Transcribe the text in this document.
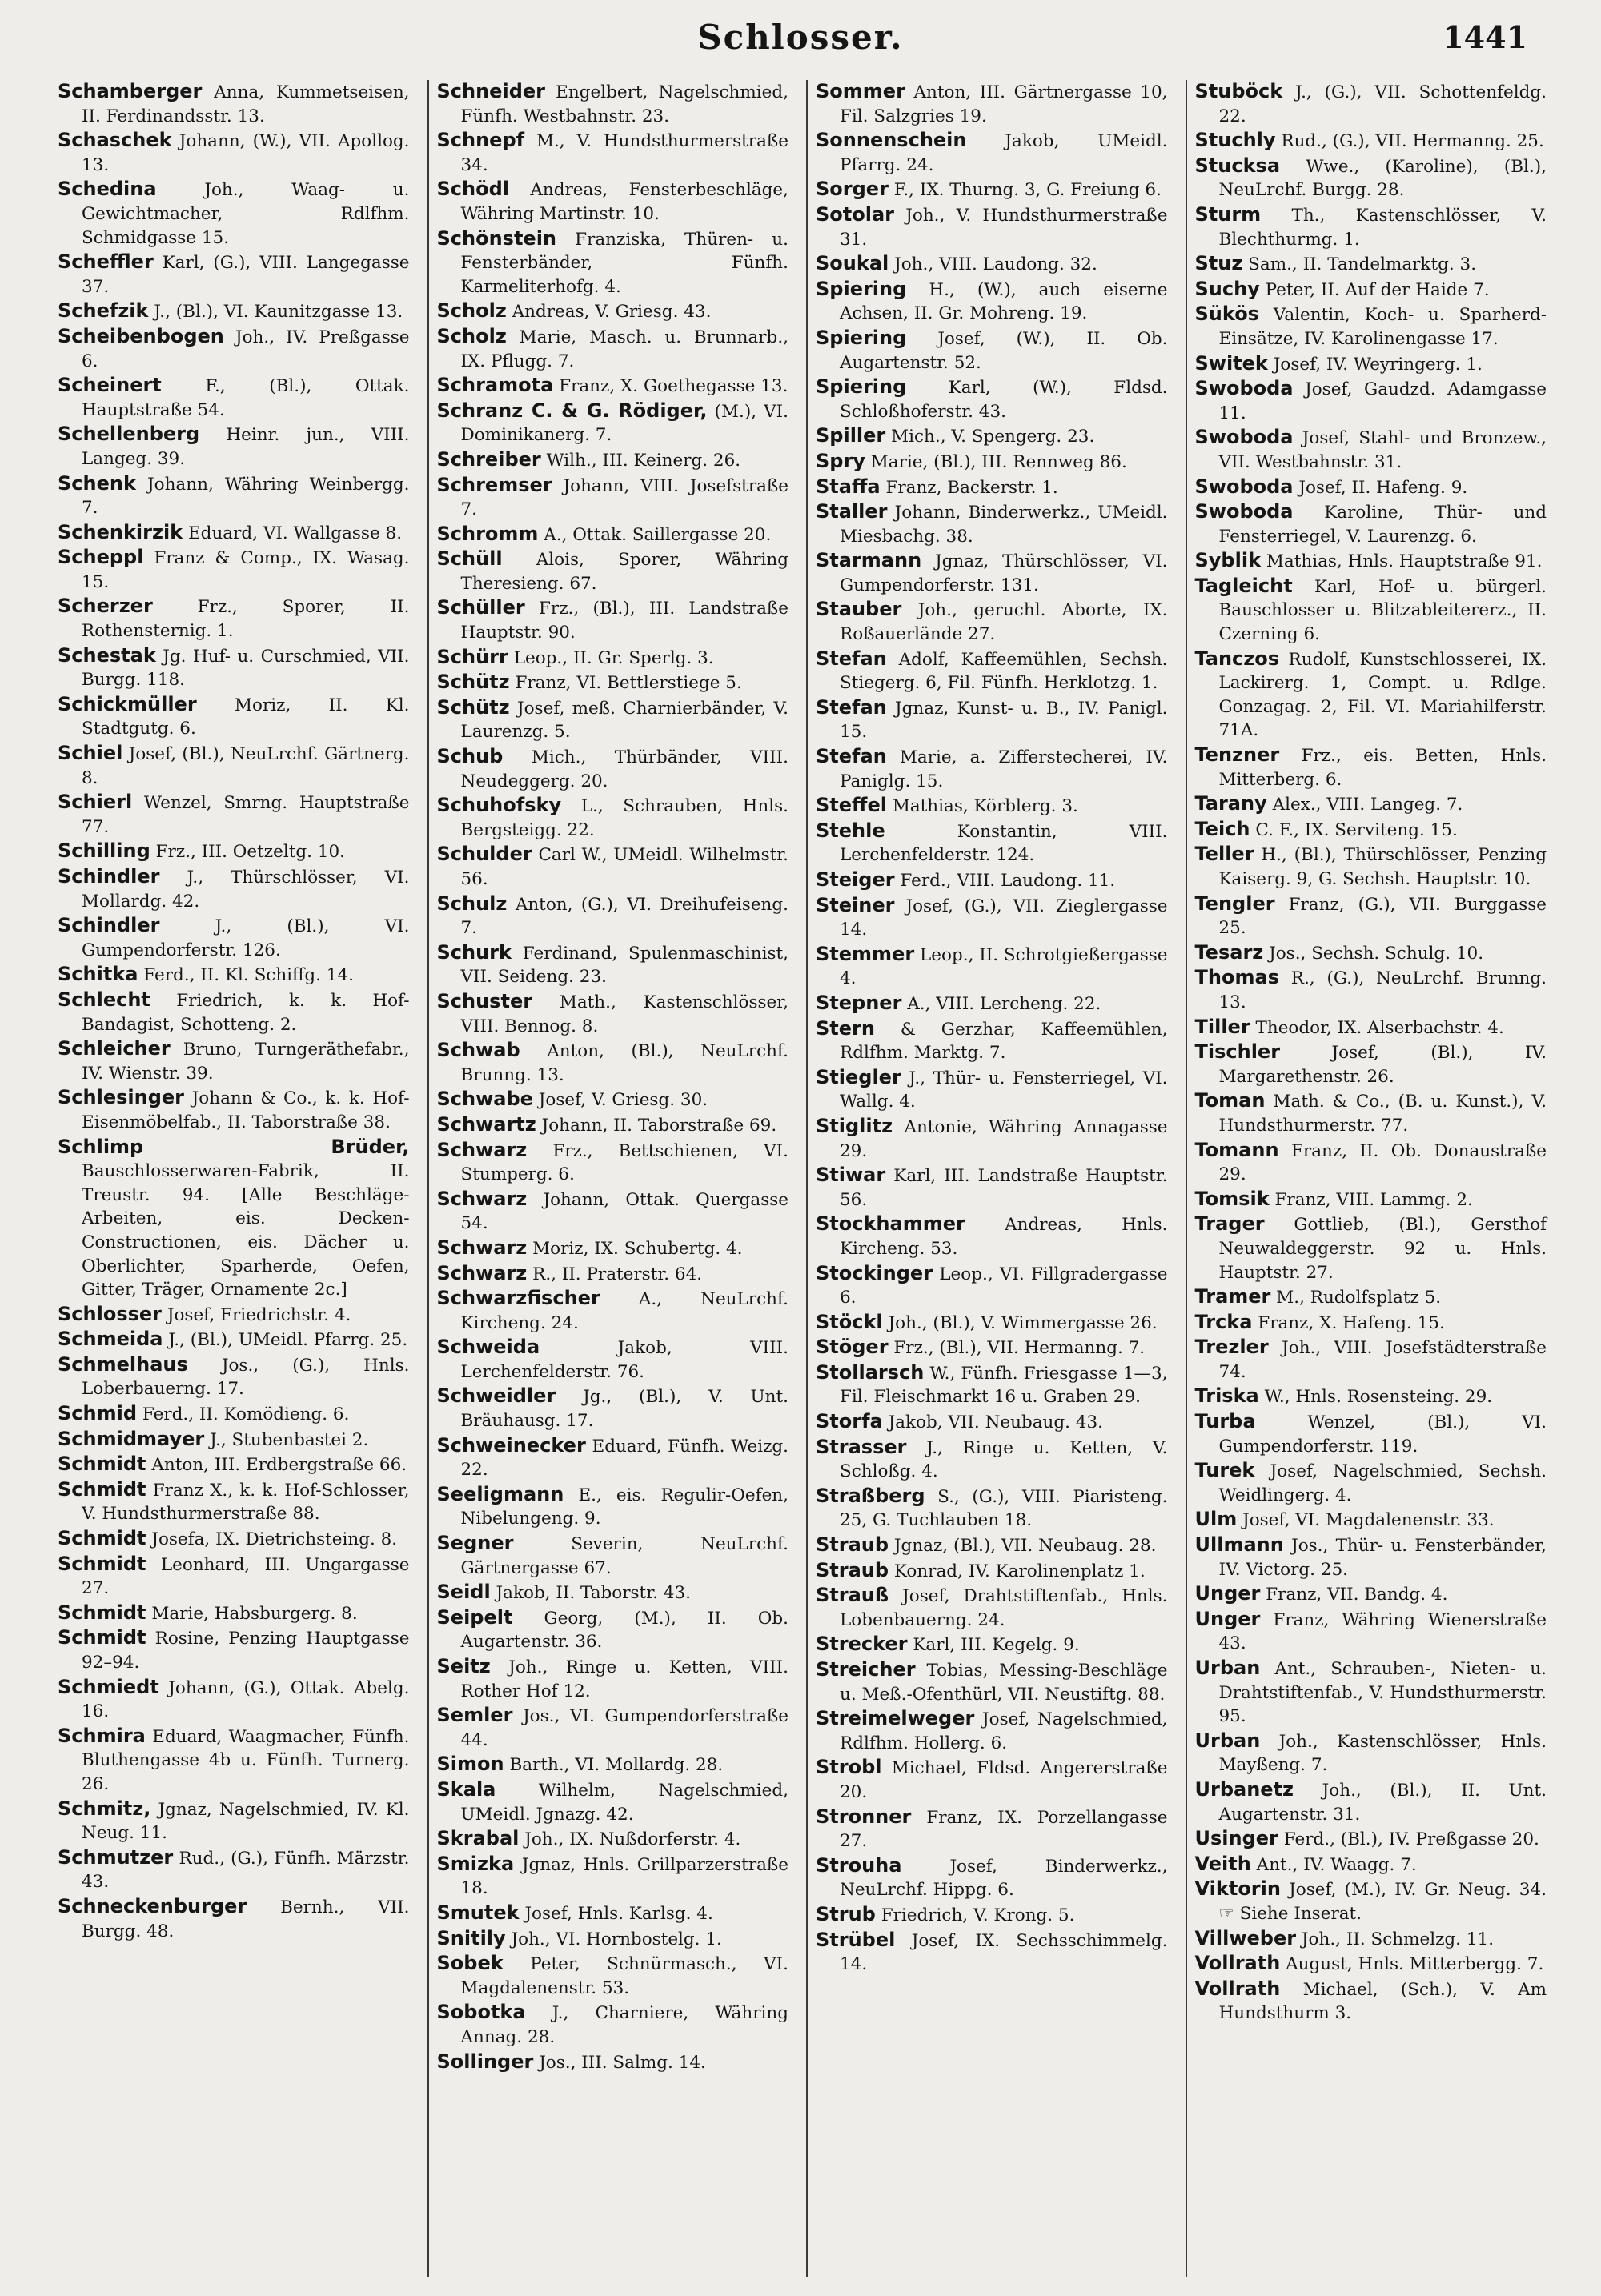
Schlosser.	1441
Schamberger Anna, Kummetseisen, II. Ferdinandsstr. 13.
Schaschek Johann, (W.), VII. Apollog. 13.
Schedina	Joh., Waag- u. Gewichtmacher, Rdlfhm. Schmidgasse 15.
Scheffler Karl, (G.), VIII. Langegasse 37.
Schefzik J., (Bl.), VI. Kaunitzgasse 13.
Scheibenbogen Joh., IV. Preßgasse 6.
Scheinert	F., (Bl.), Ottak. Hauptstraße 54.
Schellenberg Heinr. jun., VIII. Langeg. 39.
Schenk Johann, Währing Weinbergg. 7.
Schenkirzik Eduard, VI. Wallgasse 8.
Scheppl Franz & Comp., IX. Wasag. 15.
Scherzer	Frz., Sporer, II. Rothensternig. 1.
Schestak Jg. Huf- u. Curschmied, VII. Burgg. 118.
Schickmüller Moriz, II. Kl. Stadtgutg. 6.
Schiel Josef, (Bl.), NeuLrchf. Gärtnerg. 8.
Schierl Wenzel, Smrng. Hauptstraße 77.
Schilling Frz., III. Oetzeltg. 10.
Schindler J., Thürschlösser, VI. Mollardg. 42.
Schindler	J., (Bl.), VI. Gumpendorferstr. 126.
Schitka Ferd., II. Kl. Schiffg. 14.
Schlecht Friedrich, k. k. Hof-Bandagist, Schotteng. 2.
Schleicher Bruno, Turngeräthefabr., IV. Wienstr. 39.
Schlesinger Johann & Co., k. k. Hof-Eisenmöbelfab., II. Taborstraße 38.
Schlimp Brüder, Bauschlosserwaren-Fabrik, II. Treustr. 94. [Alle Beschläge-Arbeiten, eis. Decken-Constructionen, eis. Dächer u. Oberlichter, Sparherde, Oefen, Gitter, Träger, Ornamente 2c.]
Schlosser Josef, Friedrichstr. 4.
Schmeida J., (Bl.), UMeidl. Pfarrg. 25.
Schmelhaus Jos., (G.), Hnls. Loberbauerng. 17.
Schmid Ferd., II. Komödieng. 6.
Schmidmayer J., Stubenbastei 2.
Schmidt Anton, III. Erdbergstraße 66.
Schmidt Franz X., k. k. Hof-Schlosser, V. Hundsthurmerstraße 88.
Schmidt Josefa, IX. Dietrichsteing. 8.
Schmidt Leonhard, III. Ungargasse 27.
Schmidt Marie, Habsburgerg. 8.
Schmidt Rosine, Penzing Hauptgasse 92–94.
Schmiedt Johann, (G.), Ottak. Abelg. 16.
Schmira Eduard, Waagmacher, Fünfh. Bluthengasse 4b u. Fünfh. Turnerg. 26.
Schmitz, Jgnaz, Nagelschmied, IV. Kl. Neug. 11.
Schmutzer Rud., (G.), Fünfh. Märzstr. 43.
Schneckenburger Bernh., VII. Burgg. 48.
Schneider Engelbert, Nagelschmied, Fünfh. Westbahnstr. 23.
Schnepf M., V. Hundsthurmerstraße 34.
Schödl Andreas, Fensterbeschläge, Währing Martinstr. 10.
Schönstein Franziska, Thüren- u. Fensterbänder, Fünfh. Karmeliterhofg. 4.
Scholz Andreas, V. Griesg. 43.
Scholz Marie, Masch. u. Brunnarb., IX. Pflugg. 7.
Schramota Franz, X. Goethegasse 13.
Schranz C. & G. Rödiger, (M.), VI. Dominikanerg. 7.
Schreiber Wilh., III. Keinerg. 26.
Schremser Johann, VIII. Josefstraße 7.
Schromm A., Ottak. Saillergasse 20.
Schüll Alois, Sporer, Währing Theresieng. 67.
Schüller Frz., (Bl.), III. Landstraße Hauptstr. 90.
Schürr Leop., II. Gr. Sperlg. 3.
Schütz Franz, VI. Bettlerstiege 5.
Schütz Josef, meß. Charnierbänder, V. Laurenzg. 5.
Schub Mich., Thürbänder, VIII. Neudeggerg. 20.
Schuhofsky L., Schrauben, Hnls. Bergsteigg. 22.
Schulder Carl W., UMeidl. Wilhelmstr. 56.
Schulz Anton, (G.), VI. Dreihufeiseng. 7.
Schurk Ferdinand, Spulenmaschinist, VII. Seideng. 23.
Schuster Math., Kastenschlösser, VIII. Bennog. 8.
Schwab Anton, (Bl.), NeuLrchf. Brunng. 13.
Schwabe Josef, V. Griesg. 30.
Schwartz Johann, II. Taborstraße 69.
Schwarz Frz., Bettschienen, VI. Stumperg. 6.
Schwarz Johann, Ottak. Quergasse 54.
Schwarz Moriz, IX. Schubertg. 4.
Schwarz R., II. Praterstr. 64.
Schwarzfischer A., NeuLrchf. Kircheng. 24.
Schweida	Jakob, VIII. Lerchenfelderstr. 76.
Schweidler Jg., (Bl.), V. Unt. Bräuhausg. 17.
Schweinecker Eduard, Fünfh. Weizg. 22.
Seeligmann E., eis. Regulir-Oefen, Nibelungeng. 9.
Segner	Severin, NeuLrchf. Gärtnergasse 67.
Seidl Jakob, II. Taborstr. 43.
Seipelt Georg, (M.), II. Ob. Augartenstr. 36.
Seitz Joh., Ringe u. Ketten, VIII. Rother Hof 12.
Semler Jos., VI. Gumpendorferstraße 44.
Simon Barth., VI. Mollardg. 28.
Skala Wilhelm, Nagelschmied, UMeidl. Jgnazg. 42.
Skrabal Joh., IX. Nußdorferstr. 4.
Smizka Jgnaz, Hnls. Grillparzerstraße 18.
Smutek Josef, Hnls. Karlsg. 4.
Snitily Joh., VI. Hornbostelg. 1.
Sobek Peter, Schnürmasch., VI. Magdalenenstr. 53.
Sobotka J., Charniere, Währing Annag. 28.
Sollinger Jos., III. Salmg. 14.
Sommer Anton, III. Gärtnergasse 10, Fil. Salzgries 19.
Sonnenschein Jakob, UMeidl. Pfarrg. 24.
Sorger F., IX. Thurng. 3, G. Freiung 6.
Sotolar Joh., V. Hundsthurmerstraße 31.
Soukal Joh., VIII. Laudong. 32.
Spiering H., (W.), auch eiserne Achsen, II. Gr. Mohreng. 19.
Spiering Josef, (W.), II. Ob. Augartenstr. 52.
Spiering Karl, (W.), Fldsd. Schloßhoferstr. 43.
Spiller Mich., V. Spengerg. 23.
Spry Marie, (Bl.), III. Rennweg 86.
Staffa Franz, Backerstr. 1.
Staller Johann, Binderwerkz., UMeidl. Miesbachg. 38.
Starmann Jgnaz, Thürschlösser, VI. Gumpendorferstr. 131.
Stauber Joh., geruchl. Aborte, IX. Roßauerlände 27.
Stefan Adolf, Kaffeemühlen, Sechsh. Stiegerg. 6, Fil. Fünfh. Herklotzg. 1.
Stefan Jgnaz, Kunst- u. B., IV. Panigl. 15.
Stefan Marie, a. Zifferstecherei, IV. Paniglg. 15.
Steffel Mathias, Körblerg. 3.
Stehle	Konstantin, VIII. Lerchenfelderstr. 124.
Steiger Ferd., VIII. Laudong. 11.
Steiner Josef, (G.), VII. Zieglergasse 14.
Stemmer Leop., II. Schrotgießergasse 4.
Stepner A., VIII. Lercheng. 22.
Stern & Gerzhar, Kaffeemühlen, Rdlfhm. Marktg. 7.
Stiegler J., Thür- u. Fensterriegel, VI. Wallg. 4.
Stiglitz Antonie, Währing Annagasse 29.
Stiwar Karl, III. Landstraße Hauptstr. 56.
Stockhammer Andreas, Hnls. Kircheng. 53.
Stockinger Leop., VI. Fillgradergasse 6.
Stöckl Joh., (Bl.), V. Wimmergasse 26.
Stöger Frz., (Bl.), VII. Hermanng. 7.
Stollarsch W., Fünfh. Friesgasse 1—3, Fil. Fleischmarkt 16 u. Graben 29.
Storfa Jakob, VII. Neubaug. 43.
Strasser J., Ringe u. Ketten, V. Schloßg. 4.
Straßberg S., (G.), VIII. Piaristeng. 25, G. Tuchlauben 18.
Straub Jgnaz, (Bl.), VII. Neubaug. 28.
Straub Konrad, IV. Karolinenplatz 1.
Strauß Josef, Drahtstiftenfab., Hnls. Lobenbauerng. 24.
Strecker Karl, III. Kegelg. 9.
Streicher Tobias, Messing-Beschläge u. Meß.-Ofenthürl, VII. Neustiftg. 88.
Streimelweger Josef, Nagelschmied, Rdlfhm. Hollerg. 6.
Strobl Michael, Fldsd. Angererstraße 20.
Stronner Franz, IX. Porzellangasse 27.
Strouha	Josef, Binderwerkz., NeuLrchf. Hippg. 6.
Strub Friedrich, V. Krong. 5.
Strübel Josef, IX. Sechsschimmelg. 14.
Stuböck J., (G.), VII. Schottenfeldg. 22.
Stuchly Rud., (G.), VII. Hermanng. 25.
Stucksa Wwe., (Karoline), (Bl.), NeuLrchf. Burgg. 28.
Sturm Th., Kastenschlösser, V. Blechthurmg. 1.
Stuz Sam., II. Tandelmarktg. 3.
Suchy Peter, II. Auf der Haide 7.
Sükös Valentin, Koch- u. Sparherd-Einsätze, IV. Karolinengasse 17.
Switek Josef, IV. Weyringerg. 1.
Swoboda Josef, Gaudzd. Adamgasse 11.
Swoboda Josef, Stahl- und Bronzew., VII. Westbahnstr. 31.
Swoboda Josef, II. Hafeng. 9.
Swoboda Karoline, Thür- und Fensterriegel, V. Laurenzg. 6.
Syblik Mathias, Hnls. Hauptstraße 91.
Tagleicht Karl, Hof- u. bürgerl. Bauschlosser u. Blitzableitererz., II. Czerning 6.
Tanczos Rudolf, Kunstschlosserei, IX. Lackirerg. 1, Compt. u. Rdlge. Gonzagag. 2, Fil. VI. Mariahilferstr. 71A.
Tenzner Frz., eis. Betten, Hnls. Mitterberg. 6.
Tarany Alex., VIII. Langeg. 7.
Teich C. F., IX. Serviteng. 15.
Teller H., (Bl.), Thürschlösser, Penzing Kaiserg. 9, G. Sechsh. Hauptstr. 10.
Tengler Franz, (G.), VII. Burggasse 25.
Tesarz Jos., Sechsh. Schulg. 10.
Thomas R., (G.), NeuLrchf. Brunng. 13.
Tiller Theodor, IX. Alserbachstr. 4.
Tischler	Josef, (Bl.), IV. Margarethenstr. 26.
Toman Math. & Co., (B. u. Kunst.), V. Hundsthurmerstr. 77.
Tomann Franz, II. Ob. Donaustraße 29.
Tomsik Franz, VIII. Lammg. 2.
Trager Gottlieb, (Bl.), Gersthof Neuwaldeggerstr. 92 u. Hnls. Hauptstr. 27.
Tramer M., Rudolfsplatz 5.
Trcka Franz, X. Hafeng. 15.
Trezler Joh., VIII. Josefstädterstraße 74.
Triska W., Hnls. Rosensteing. 29.
Turba	Wenzel, (Bl.), VI. Gumpendorferstr. 119.
Turek Josef, Nagelschmied, Sechsh. Weidlingerg. 4.
Ulm Josef, VI. Magdalenenstr. 33.
Ullmann Jos., Thür- u. Fensterbänder, IV. Victorg. 25.
Unger Franz, VII. Bandg. 4.
Unger Franz, Währing Wienerstraße 43.
Urban Ant., Schrauben-, Nieten- u. Drahtstiftenfab., V. Hundsthurmerstr. 95.
Urban Joh., Kastenschlösser, Hnls. Mayßeng. 7.
Urbanetz Joh., (Bl.), II. Unt. Augartenstr. 31.
Usinger Ferd., (Bl.), IV. Preßgasse 20.
Veith Ant., IV. Waagg. 7.
Viktorin Josef, (M.), IV. Gr. Neug. 34. ☞ Siehe Inserat.
Villweber Joh., II. Schmelzg. 11.
Vollrath August, Hnls. Mitterbergg. 7.
Vollrath Michael, (Sch.), V. Am Hundsthurm 3.
